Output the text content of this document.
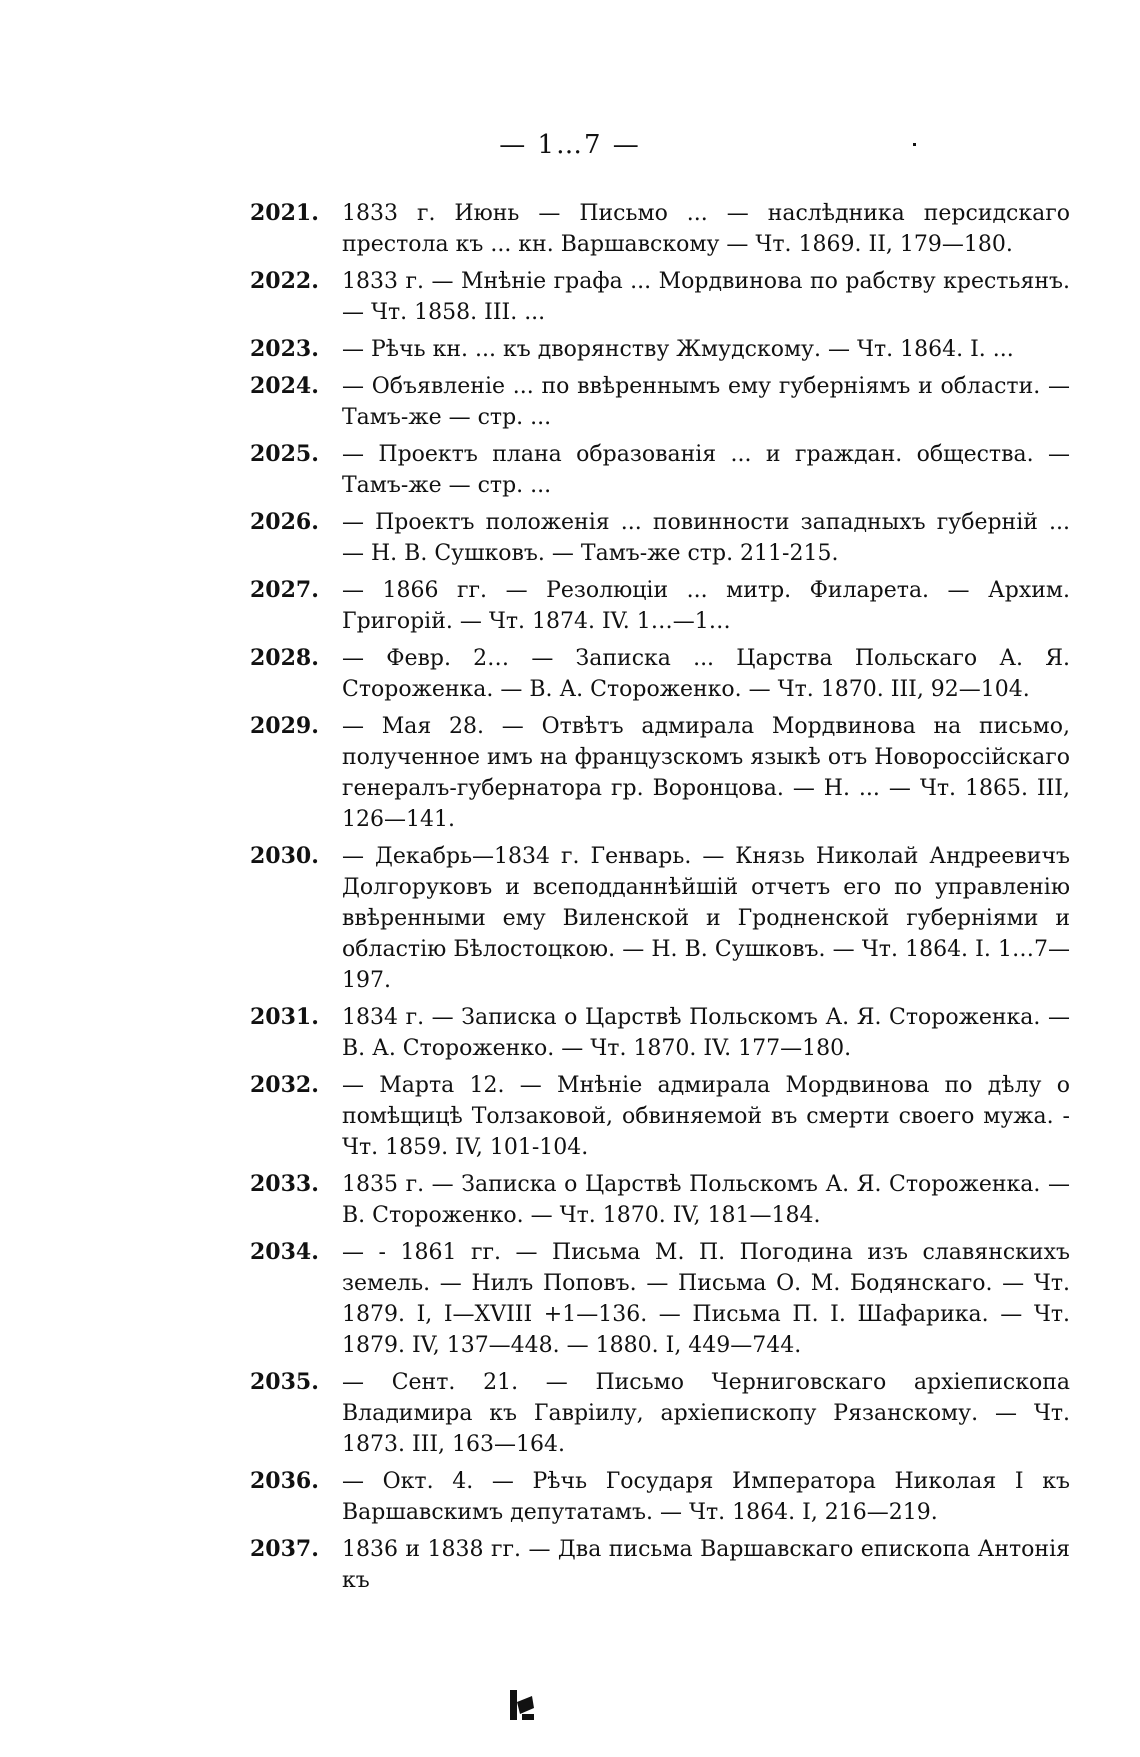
— 1…7 —
2021.	1833 г. Июнь — Письмо ... — наслѣдника персидскаго престола къ ... кн. Варшавскому — Чт. 1869. II, 179—180.
2022.	1833 г. — Мнѣніе графа ... Мордвинова по рабству крестьянъ. — Чт. 1858. III. ...
2023.	— Рѣчь кн. ... къ дворянству Жмудскому. — Чт. 1864. I. ...
2024.	— Объявленіе ... по ввѣреннымъ ему губерніямъ и области. — Тамъ-же — стр. ...
2025.	— Проектъ плана образованія ... и граждан. общества. — Тамъ-же — стр. ...
2026.	— Проектъ положенія ... повинности западныхъ губерній ... — Н. В. Сушковъ. — Тамъ-же стр. 211-215.
2027.	— 1866 гг. — Резолюціи ... митр. Филарета. — Архим. Григорій. — Чт. 1874. IV. 1…—1…
2028.	— Февр. 2… — Записка ... Царства Польскаго А. Я. Стороженка. — В. А. Стороженко. — Чт. 1870. III, 92—104.
2029.	— Мая 28. — Отвѣтъ адмирала Мордвинова на письмо, полученное имъ на французскомъ языкѣ отъ Новороссійскаго генералъ-губернатора гр. Воронцова. — Н. ... — Чт. 1865. III, 126—141.
2030.	— Декабрь—1834 г. Генварь. — Князь Николай Андреевичъ Долгоруковъ и всеподданнѣйшій отчетъ его по управленію ввѣренными ему Виленской и Гродненской губерніями и областію Бѣлостоцкою. — Н. В. Сушковъ. — Чт. 1864. I. 1…7—197.
2031.	1834 г. — Записка о Царствѣ Польскомъ А. Я. Стороженка. — В. А. Стороженко. — Чт. 1870. IV. 177—180.
2032.	— Марта 12. — Мнѣніе адмирала Мордвинова по дѣлу о помѣщицѣ Толзаковой, обвиняемой въ смерти своего мужа. - Чт. 1859. IV, 101-104.
2033.	1835 г. — Записка о Царствѣ Польскомъ А. Я. Стороженка. — В. Стороженко. — Чт. 1870. IV, 181—184.
2034.	— - 1861 гг. — Письма М. П. Погодина изъ славянскихъ земель. — Нилъ Поповъ. — Письма О. М. Бодянскаго. — Чт. 1879. I, I—XVIII +1—136. — Письма П. I. Шафарика. — Чт. 1879. IV, 137—448. — 1880. I, 449—744.
2035.	— Сент. 21. — Письмо Черниговскаго архіепископа Владимира къ Гавріилу, архіепископу Рязанскому. — Чт. 1873. III, 163—164.
2036.	— Окт. 4. — Рѣчь Государя Императора Николая I къ Варшавскимъ депутатамъ. — Чт. 1864. I, 216—219.
2037.	1836 и 1838 гг. — Два письма Варшавскаго епископа Антонія къ
